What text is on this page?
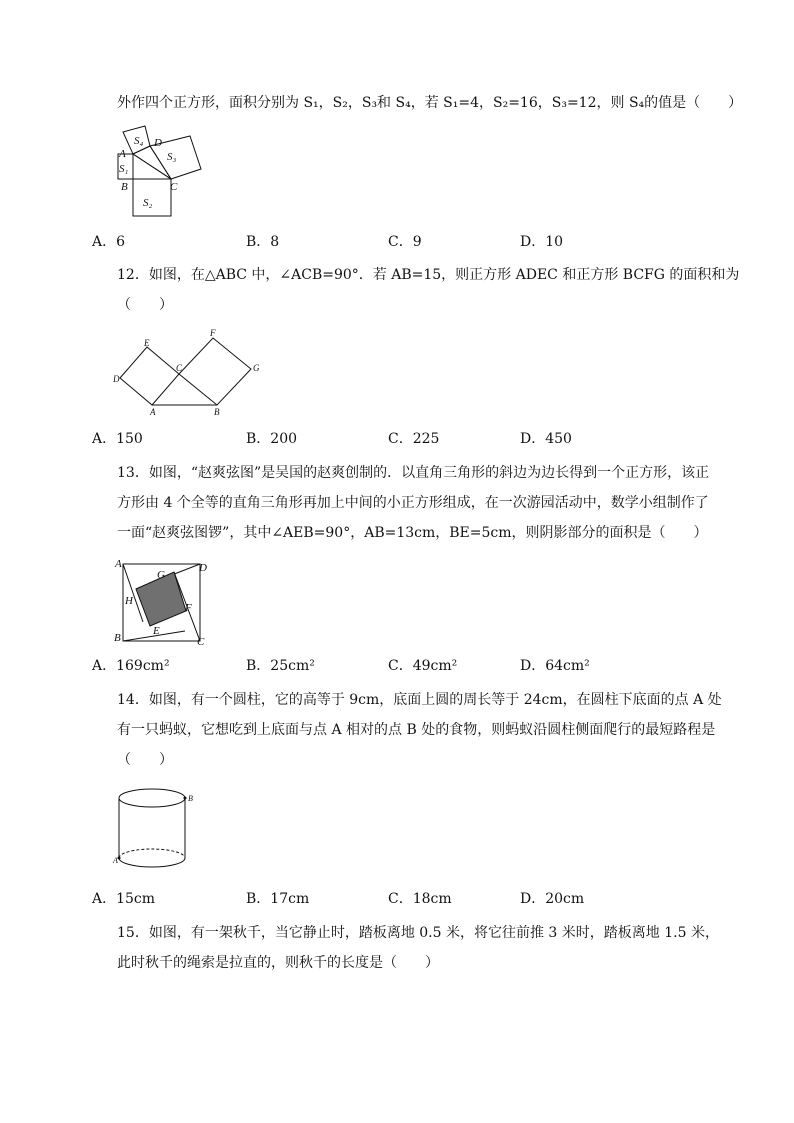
外作四个正方形，面积分别为 S₁，S₂，S₃和 S₄，若 S₁=4，S₂=16，S₃=12，则 S₄的值是（　　）
S₄
S₃
S₁
S₂
A
B	C
D
A．6	B．8	C．9	D．10
12．如图，在△ABC 中，∠ACB=90°．若 AB=15，则正方形 ADEC 和正方形 BCFG 的面积和为
（　　）
E
F
C
D
G
A	B
A．150	B．200	C．225	D．450
13．如图，“赵爽弦图”是吴国的赵爽创制的．以直角三角形的斜边为边长得到一个正方形，该正
方形由 4 个全等的直角三角形再加上中间的小正方形组成，在一次游园活动中，数学小组制作了
一面“赵爽弦图锣”，其中∠AEB=90°，AB=13cm，BE=5cm，则阴影部分的面积是（　　）
A	D
G
H
F
E
B	C
A．169cm²	B．25cm²	C．49cm²	D．64cm²
14．如图，有一个圆柱，它的高等于 9cm，底面上圆的周长等于 24cm，在圆柱下底面的点 A 处
有一只蚂蚁，它想吃到上底面与点 A 相对的点 B 处的食物，则蚂蚁沿圆柱侧面爬行的最短路程是
（　　）
B
A
A．15cm	B．17cm	C．18cm	D．20cm
15．如图，有一架秋千，当它静止时，踏板离地 0.5 米，将它往前推 3 米时，踏板离地 1.5 米，
此时秋千的绳索是拉直的，则秋千的长度是（　　）
